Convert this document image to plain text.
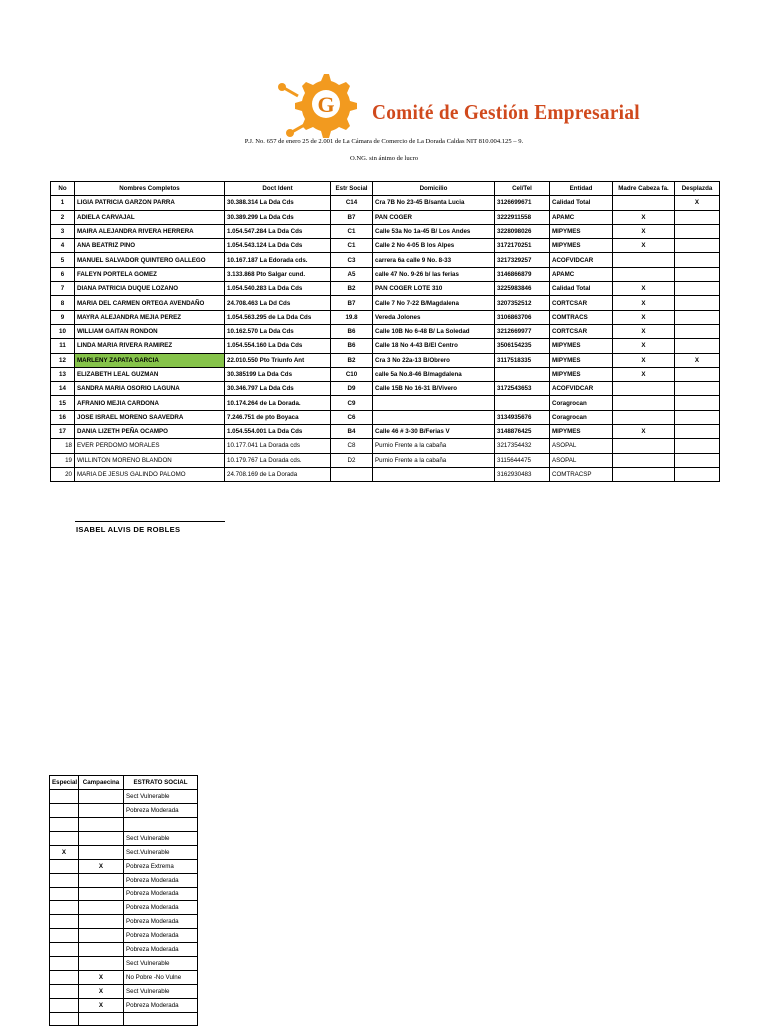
G Comité de Gestión Empresarial
P.J. No. 657 de enero 25 de 2.001 de La Cámara de Comercio de La Dorada Caldas NIT 810.004.125 – 9.
O.NG. sin ánimo de lucro
No	Nombres Completos	Doct Ident	Estr Social	Domicilio	Cel/Tel	Entidad	Madre Cabeza fa.	Desplazda
1	LIGIA PATRICIA GARZON PARRA	30.388.314 La Dda Cds	C14	Cra 7B No 23-45 B/santa Lucia	3126699671	Calidad Total		X
2	ADIELA CARVAJAL	30.389.299 La Dda Cds	B7	PAN COGER	3222911558	APAMC	X	
3	MAIRA ALEJANDRA RIVERA HERRERA	1.054.547.284 La Dda Cds	C1	Calle 53a No 1a-45 B/ Los Andes	3228098026	MIPYMES	X	
4	ANA BEATRIZ PINO	1.054.543.124 La Dda Cds	C1	Calle 2 No 4-05 B los Alpes	3172170251	MIPYMES	X	
5	MANUEL SALVADOR QUINTERO GALLEGO	10.167.187 La Edorada cds.	C3	carrera 6a calle 9 No. 8-33	3217329257	ACOFVIDCAR		
6	FALEYN PORTELA GOMEZ	3.133.868 Pto Salgar cund.	A5	calle 47 No. 9-26 b/ las ferias	3146866879	APAMC		
7	DIANA PATRICIA DUQUE LOZANO	1.054.540.283 La Dda Cds	B2	PAN COGER LOTE 310	3225983846	Calidad Total	X	
8	MARIA DEL CARMEN ORTEGA AVENDAÑO	24.708.463 La Dd Cds	B7	Calle 7 No 7-22 B/Magdalena	3207352512	CORTCSAR	X	
9	MAYRA ALEJANDRA MEJIA PEREZ	1.054.563.295 de La Dda Cds	19.8	Vereda Jolones	3106863706	COMTRACS	X	
10	WILLIAM GAITAN RONDON	10.162.570 La Dda Cds	B6	Calle 10B No 6-48 B/ La Soledad	3212669977	CORTCSAR	X	
11	LINDA MARIA RIVERA RAMIREZ	1.054.554.160 La Dda Cds	B6	Calle 18 No 4-43 B/El Centro	3506154235	MIPYMES	X	
12	MARLENY ZAPATA GARCIA	22.010.550 Pto Triunfo Ant	B2	Cra 3 No 22a-13 B/Obrero	3117518335	MIPYMES	X	X
13	ELIZABETH LEAL GUZMAN	30.385199 La Dda Cds	C10	calle 5a No.8-46 B/magdalena		MIPYMES	X	
14	SANDRA MARIA OSORIO LAGUNA	30.346.797 La Dda Cds	D9	Calle 15B No 16-31 B/Vivero	3172543653	ACOFVIDCAR		
15	AFRANIO MEJIA CARDONA	10.174.264 de La Dorada.	C9			Coragrocan		
16	JOSE ISRAEL MORENO SAAVEDRA	7.246.751 de pto Boyaca	C6		3134935676	Coragrocan		
17	DANIA LIZETH PEÑA OCAMPO	1.054.554.001 La Dda Cds	B4	Calle 46 # 3-30 B/Ferias V	3148876425	MIPYMES	X	
18	EVER PERDOMO MORALES	10.177.041 La Dorada cds	C8	Purnio Frente a la cabaña	3217354432	ASOPAL		
19	WILLINTON MORENO BLANDON	10.179.767 La Dorada cds.	D2	Purnio Frente a la cabaña	3115644475	ASOPAL		
20	MARIA DE JESUS GALINDO PALOMO	24.708.169 de La Dorada			3162930483	COMTRACSP		
ISABEL ALVIS DE ROBLES
Especial	Campaecina	ESTRATO SOCIAL
		Sect Vulnerable
		Pobreza Moderada

		Sect Vulnerable
X		Sect.Vulnerable
	X	Pobreza Extrema
		Pobreza Moderada
		Pobreza Moderada
		Pobreza Moderada
		Pobreza Moderada
		Pobreza Moderada
		Pobreza Moderada
		Sect Vulnerable
	X	No Pobre -No Vulne
	X	Sect Vulnerable
	X	Pobreza Moderada
